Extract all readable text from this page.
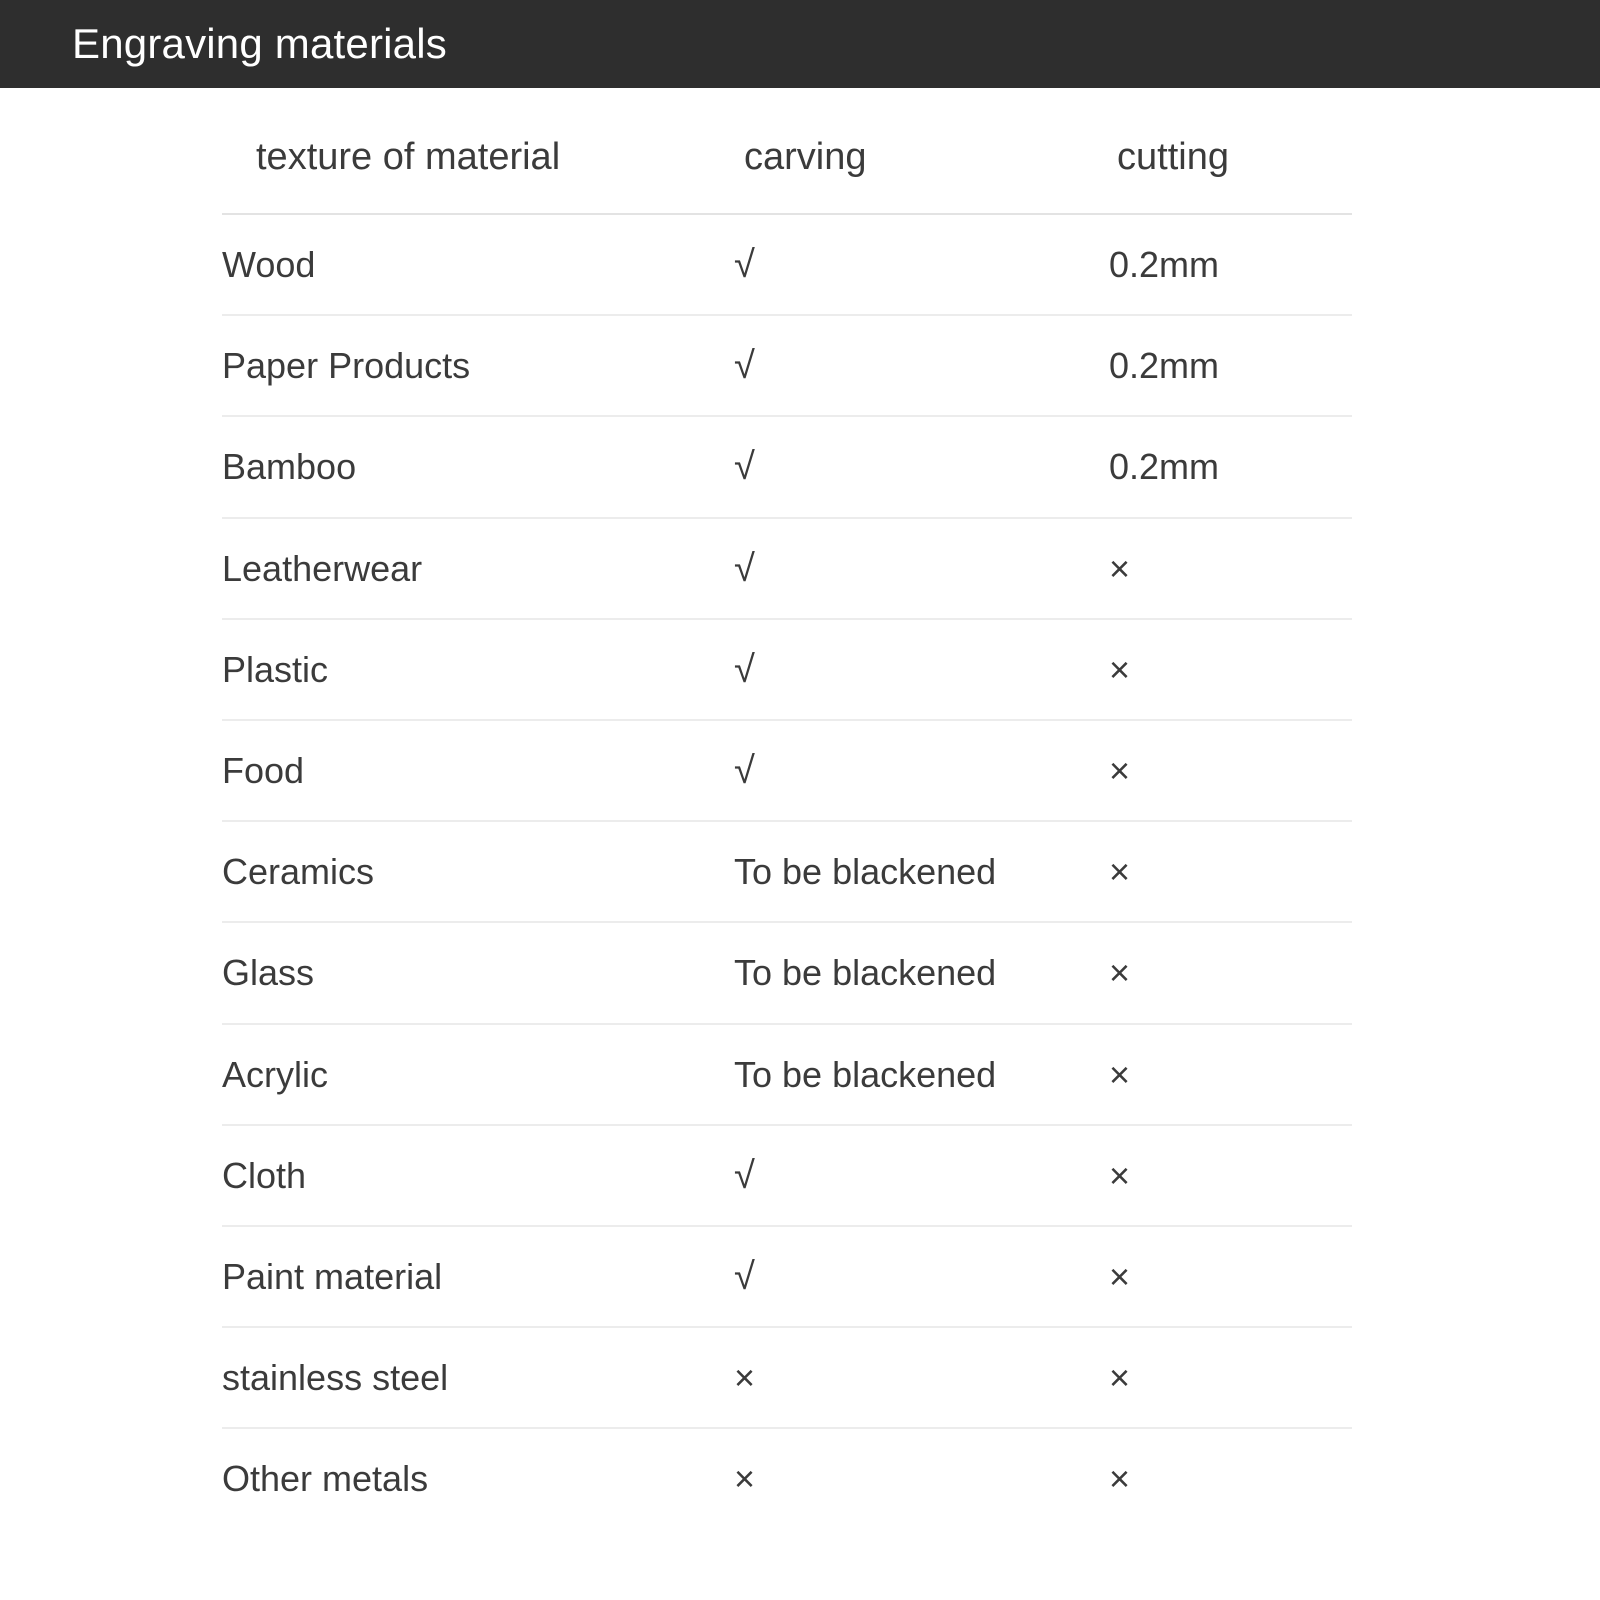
Engraving materials
texture of material	carving	cutting
Wood	√	0.2mm
Paper Products	√	0.2mm
Bamboo	√	0.2mm
Leatherwear	√	×
Plastic	√	×
Food	√	×
Ceramics	To be blackened	×
Glass	To be blackened	×
Acrylic	To be blackened	×
Cloth	√	×
Paint material	√	×
stainless steel	×	×
Other metals	×	×
